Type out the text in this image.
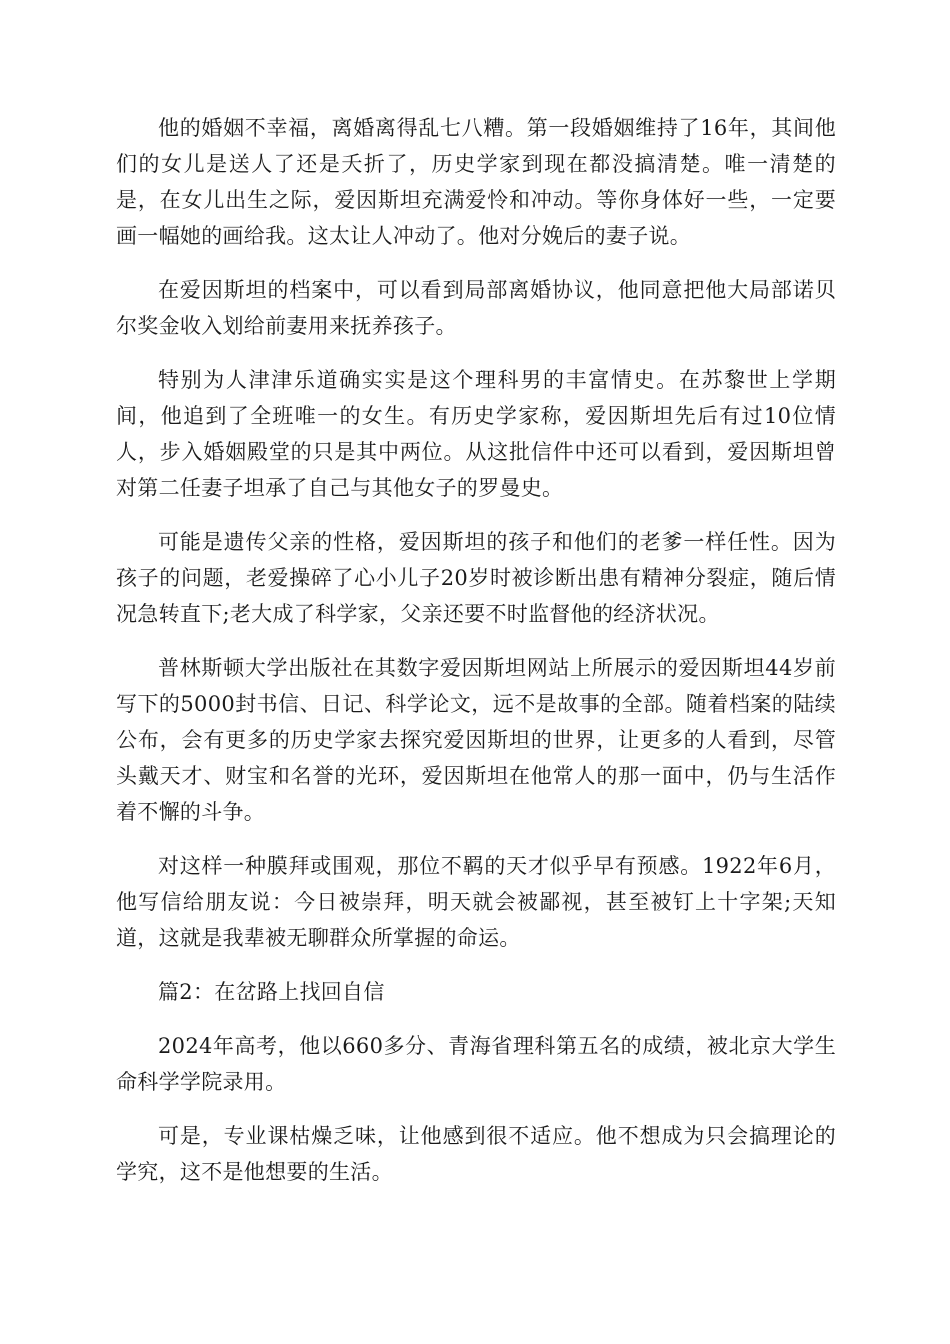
他的婚姻不幸福，离婚离得乱七八糟。第一段婚姻维持了16年，其间他们的女儿是送人了还是夭折了，历史学家到现在都没搞清楚。唯一清楚的是，在女儿出生之际，爱因斯坦充满爱怜和冲动。等你身体好一些，一定要画一幅她的画给我。这太让人冲动了。他对分娩后的妻子说。

在爱因斯坦的档案中，可以看到局部离婚协议，他同意把他大局部诺贝尔奖金收入划给前妻用来抚养孩子。

特别为人津津乐道确实实是这个理科男的丰富情史。在苏黎世上学期间，他追到了全班唯一的女生。有历史学家称，爱因斯坦先后有过10位情人，步入婚姻殿堂的只是其中两位。从这批信件中还可以看到，爱因斯坦曾对第二任妻子坦承了自己与其他女子的罗曼史。

可能是遗传父亲的性格，爱因斯坦的孩子和他们的老爹一样任性。因为孩子的问题，老爱操碎了心小儿子20岁时被诊断出患有精神分裂症，随后情况急转直下;老大成了科学家，父亲还要不时监督他的经济状况。

普林斯顿大学出版社在其数字爱因斯坦网站上所展示的爱因斯坦44岁前写下的5000封书信、日记、科学论文，远不是故事的全部。随着档案的陆续公布，会有更多的历史学家去探究爱因斯坦的世界，让更多的人看到，尽管头戴天才、财宝和名誉的光环，爱因斯坦在他常人的那一面中，仍与生活作着不懈的斗争。

对这样一种膜拜或围观，那位不羁的天才似乎早有预感。1922年6月，他写信给朋友说：今日被崇拜，明天就会被鄙视，甚至被钉上十字架;天知道，这就是我辈被无聊群众所掌握的命运。

篇2：在岔路上找回自信

2024年高考，他以660多分、青海省理科第五名的成绩，被北京大学生命科学学院录用。

可是，专业课枯燥乏味，让他感到很不适应。他不想成为只会搞理论的学究，这不是他想要的生活。
